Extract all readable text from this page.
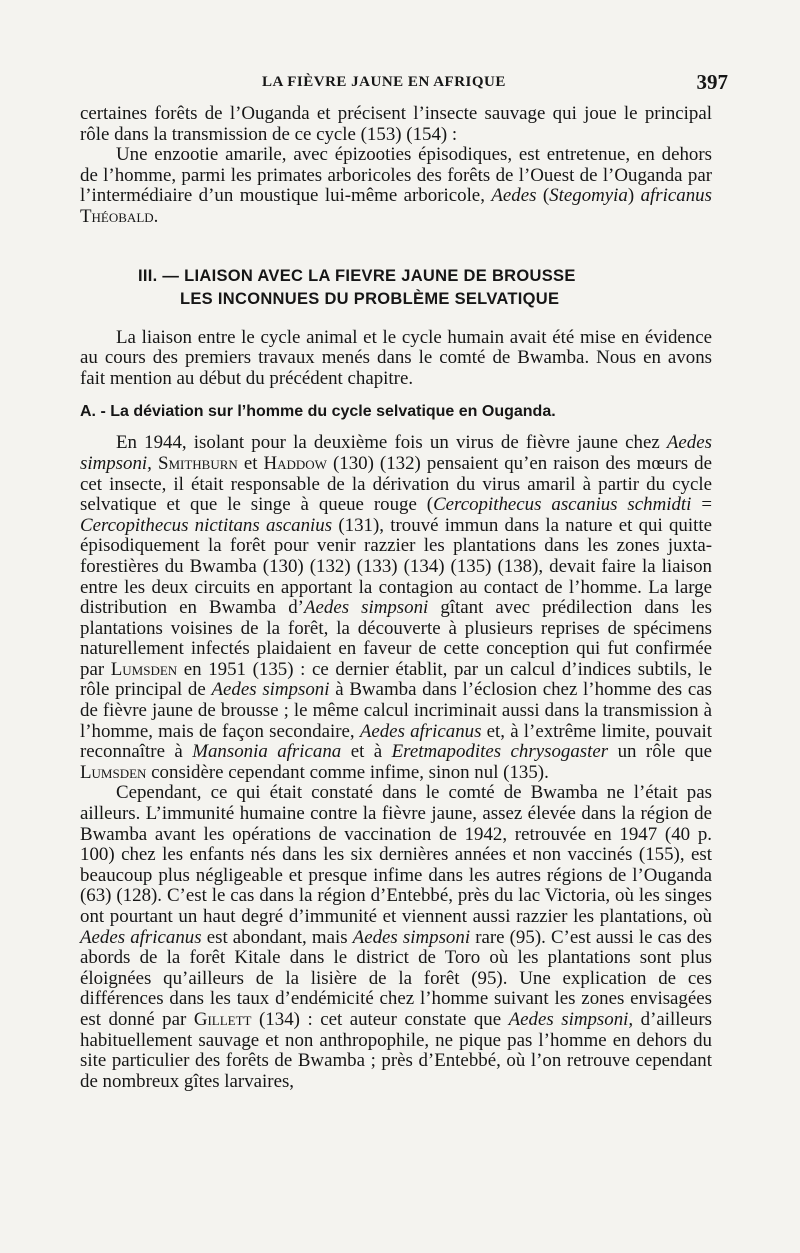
LA FIÈVRE JAUNE EN AFRIQUE	397

certaines forêts de l’Ouganda et précisent l’insecte sauvage qui joue le principal rôle dans la transmission de ce cycle (153) (154) :

Une enzootie amarile, avec épizooties épisodiques, est entretenue, en dehors de l’homme, parmi les primates arboricoles des forêts de l’Ouest de l’Ouganda par l’intermédiaire d’un moustique lui-même arboricole, Aedes (Stegomyia) africanus Théobald.

III. — LIAISON AVEC LA FIEVRE JAUNE DE BROUSSE
LES INCONNUES DU PROBLÈME SELVATIQUE

La liaison entre le cycle animal et le cycle humain avait été mise en évidence au cours des premiers travaux menés dans le comté de Bwamba. Nous en avons fait mention au début du précédent chapitre.

A. - La déviation sur l’homme du cycle selvatique en Ouganda.

En 1944, isolant pour la deuxième fois un virus de fièvre jaune chez Aedes simpsoni, Smithburn et Haddow (130) (132) pensaient qu’en raison des mœurs de cet insecte, il était responsable de la dérivation du virus amaril à partir du cycle selvatique et que le singe à queue rouge (Cercopithecus ascanius schmidti = Cercopithecus nictitans ascanius (131), trouvé immun dans la nature et qui quitte épisodiquement la forêt pour venir razzier les plantations dans les zones juxta-forestières du Bwamba (130) (132) (133) (134) (135) (138), devait faire la liaison entre les deux circuits en apportant la contagion au contact de l’homme. La large distribution en Bwamba d’Aedes simpsoni gîtant avec prédilection dans les plantations voisines de la forêt, la découverte à plusieurs reprises de spécimens naturellement infectés plaidaient en faveur de cette conception qui fut confirmée par Lumsden en 1951 (135) : ce dernier établit, par un calcul d’indices subtils, le rôle principal de Aedes simpsoni à Bwamba dans l’éclosion chez l’homme des cas de fièvre jaune de brousse ; le même calcul incriminait aussi dans la transmission à l’homme, mais de façon secondaire, Aedes africanus et, à l’extrême limite, pouvait reconnaître à Mansonia africana et à Eretmapodites chrysogaster un rôle que Lumsden considère cependant comme infime, sinon nul (135).

Cependant, ce qui était constaté dans le comté de Bwamba ne l’était pas ailleurs. L’immunité humaine contre la fièvre jaune, assez élevée dans la région de Bwamba avant les opérations de vaccination de 1942, retrouvée en 1947 (40 p. 100) chez les enfants nés dans les six dernières années et non vaccinés (155), est beaucoup plus négligeable et presque infime dans les autres régions de l’Ouganda (63) (128). C’est le cas dans la région d’Entebbé, près du lac Victoria, où les singes ont pourtant un haut degré d’immunité et viennent aussi razzier les plantations, où Aedes africanus est abondant, mais Aedes simpsoni rare (95). C’est aussi le cas des abords de la forêt Kitale dans le district de Toro où les plantations sont plus éloignées qu’ailleurs de la lisière de la forêt (95). Une explication de ces différences dans les taux d’endémicité chez l’homme suivant les zones envisagées est donné par Gillett (134) : cet auteur constate que Aedes simpsoni, d’ailleurs habituellement sauvage et non anthropophile, ne pique pas l’homme en dehors du site particulier des forêts de Bwamba ; près d’Entebbé, où l’on retrouve cependant de nombreux gîtes larvaires,
